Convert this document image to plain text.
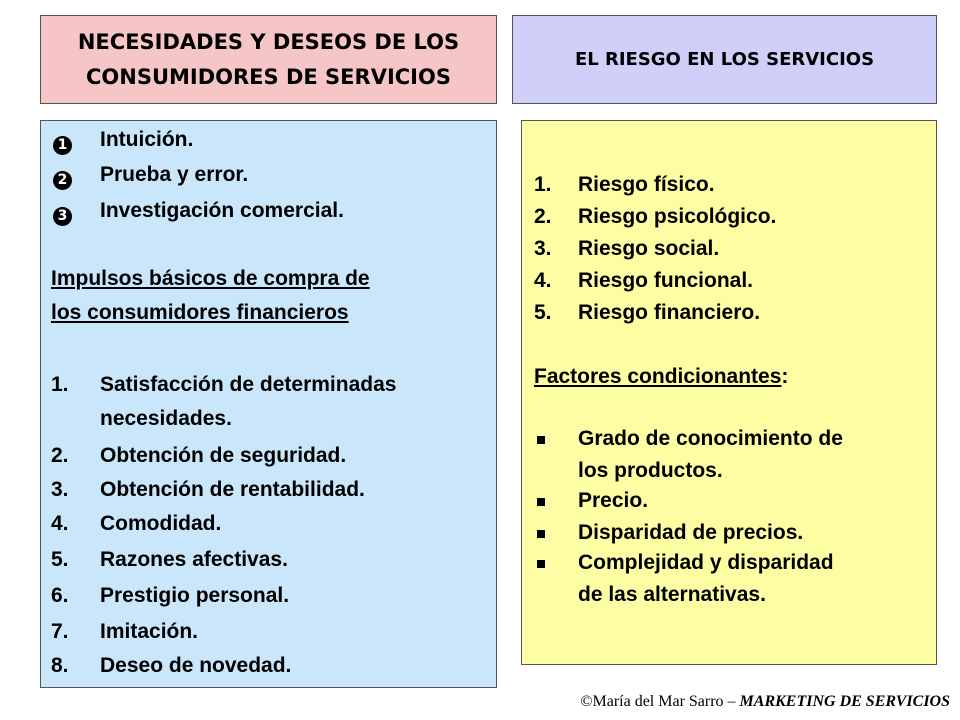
NECESIDADES Y DESEOS DE LOS
CONSUMIDORES DE SERVICIOS
EL RIESGO EN LOS SERVICIOS
1 Intuición.
2 Prueba y error.
3 Investigación comercial.
Impulsos básicos de compra de
los consumidores financieros
1. Satisfacción de determinadas
necesidades.
2. Obtención de seguridad.
3. Obtención de rentabilidad.
4. Comodidad.
5. Razones afectivas.
6. Prestigio personal.
7. Imitación.
8. Deseo de novedad.
1. Riesgo físico.
2. Riesgo psicológico.
3. Riesgo social.
4. Riesgo funcional.
5. Riesgo financiero.
Factores condicionantes:
Grado de conocimiento de
los productos.
Precio.
Disparidad de precios.
Complejidad y disparidad
de las alternativas.
©María del Mar Sarro – MARKETING DE SERVICIOS
